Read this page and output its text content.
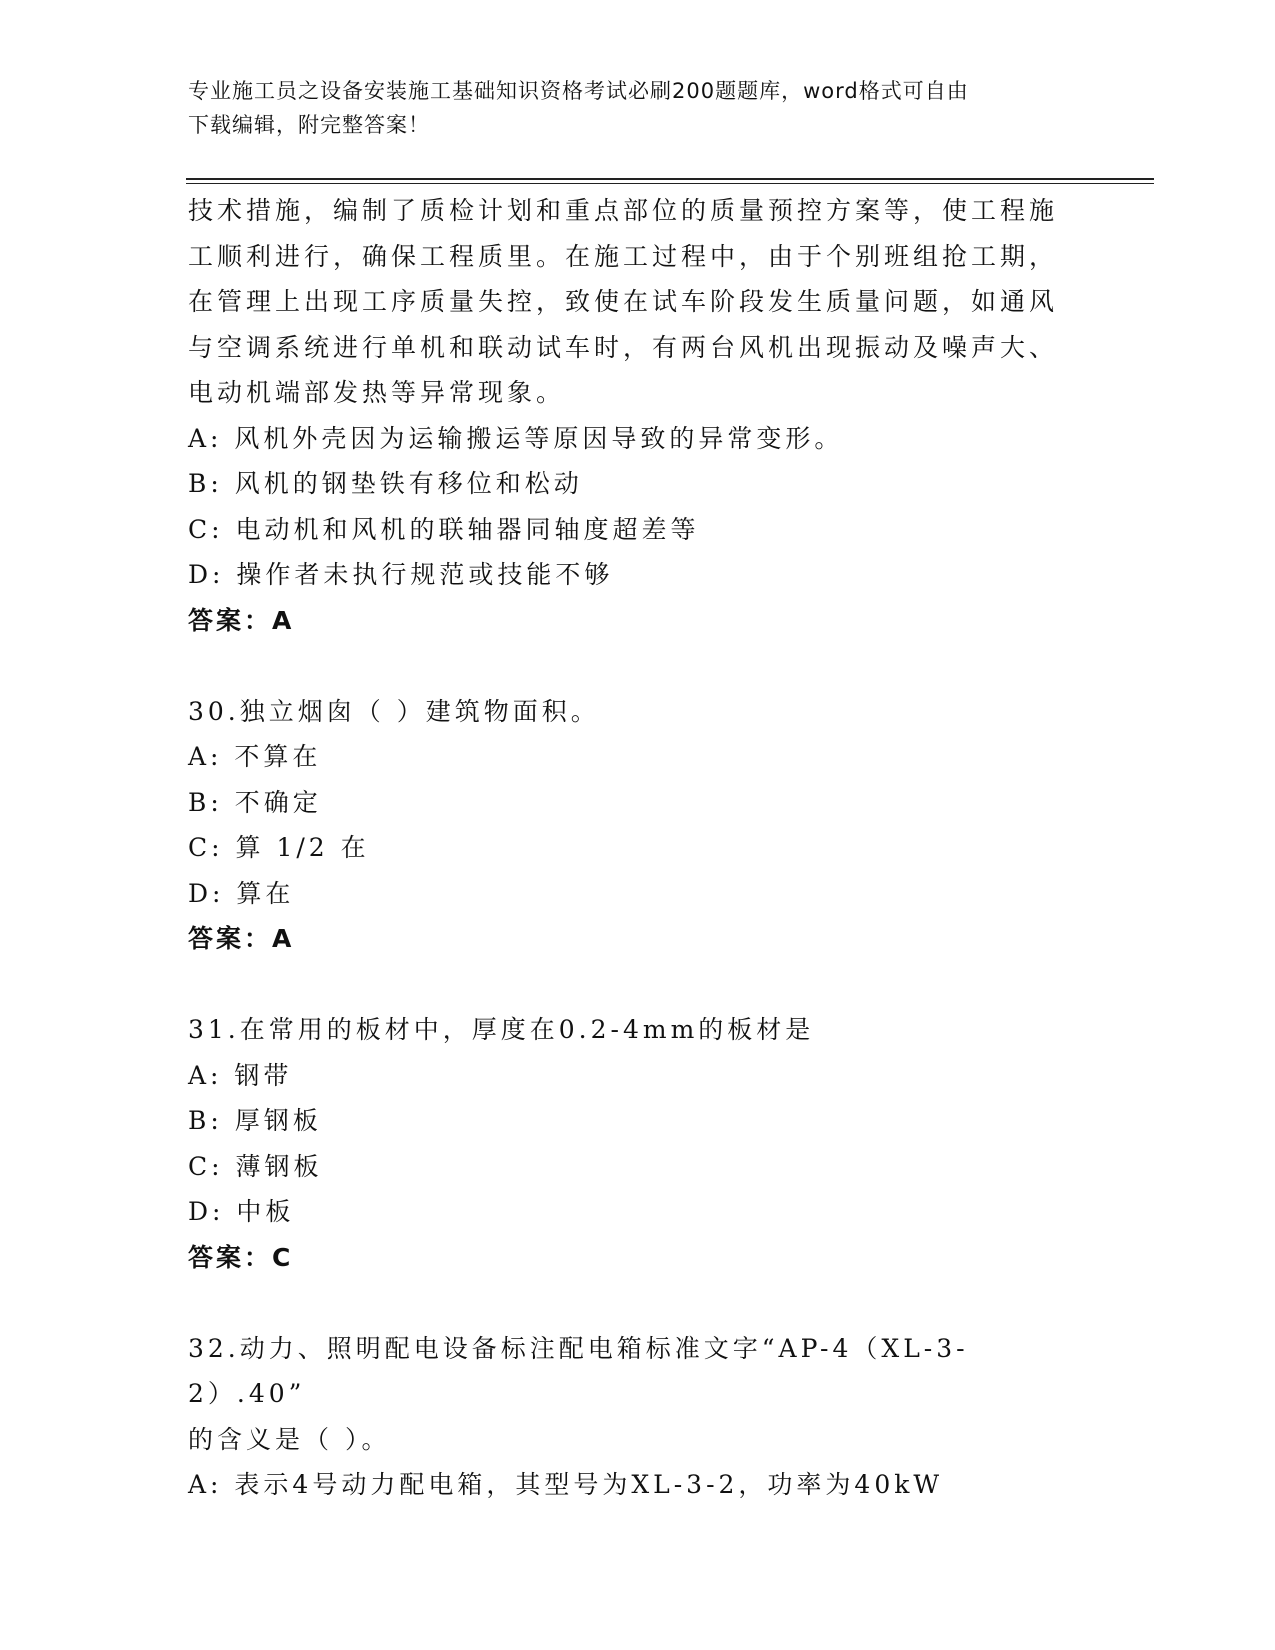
专业施工员之设备安装施工基础知识资格考试必刷200题题库，word格式可自由
下载编辑，附完整答案！

技术措施，编制了质检计划和重点部位的质量预控方案等，使工程施

工顺利进行，确保工程质里。在施工过程中，由于个别班组抢工期，

在管理上出现工序质量失控，致使在试车阶段发生质量问题，如通风

与空调系统进行单机和联动试车时，有两台风机出现振动及噪声大、

电动机端部发热等异常现象。

A: 风机外壳因为运输搬运等原因导致的异常变形。

B: 风机的钢垫铁有移位和松动

C: 电动机和风机的联轴器同轴度超差等

D: 操作者未执行规范或技能不够

答案：A

30.独立烟囱（ ）建筑物面积。

A: 不算在

B: 不确定

C: 算 1/2 在

D: 算在

答案：A

31.在常用的板材中，厚度在0.2-4mm的板材是

A: 钢带

B: 厚钢板

C: 薄钢板

D: 中板

答案：C

32.动力、照明配电设备标注配电箱标准文字“AP-4（XL-3-2）.40”

的含义是（ ）。

A: 表示4号动力配电箱，其型号为XL-3-2，功率为40kW
